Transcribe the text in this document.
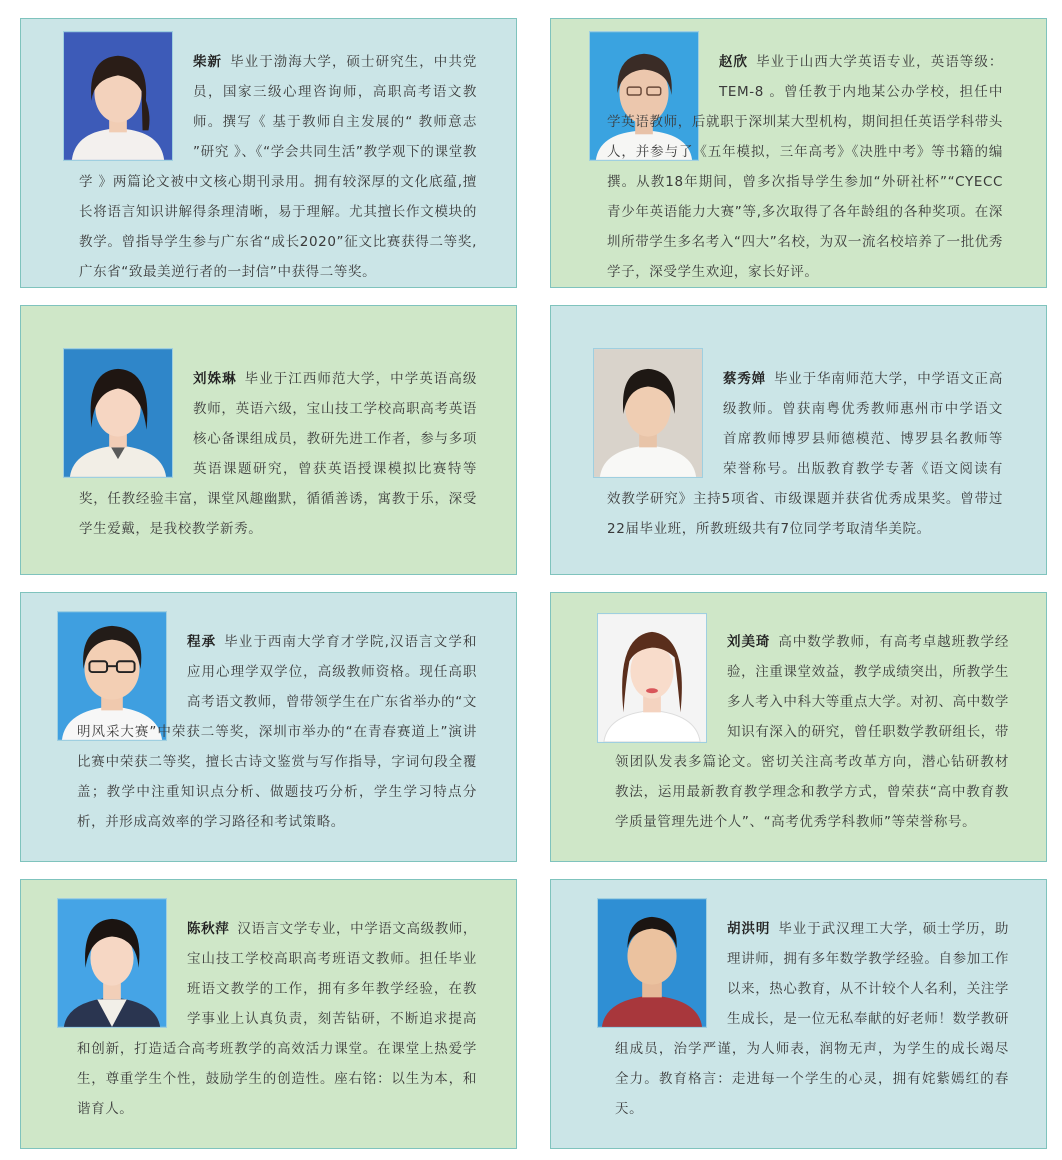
柴新 毕业于渤海大学，硕士研究生，中共党员，国家三级心理咨询师，高职高考语文教师。撰写《 基于教师自主发展的“ 教师意志 ”研究 》、《“学会共同生活”教学观下的课堂教学 》两篇论文被中文核心期刊录用。拥有较深厚的文化底蕴,擅长将语言知识讲解得条理清晰，易于理解。尤其擅长作文模块的教学。曾指导学生参与广东省“成长2020”征文比赛获得二等奖,广东省“致最美逆行者的一封信”中获得二等奖。

赵欣 毕业于山西大学英语专业，英语等级：TEM-8 。曾任教于内地某公办学校，担任中学英语教师，后就职于深圳某大型机构，期间担任英语学科带头人，并参与了《五年模拟，三年高考》《决胜中考》等书籍的编撰。从教18年期间，曾多次指导学生参加“外研社杯”“CYECC青少年英语能力大赛”等,多次取得了各年龄组的各种奖项。在深圳所带学生多名考入“四大”名校，为双一流名校培养了一批优秀学子，深受学生欢迎，家长好评。

刘姝琳 毕业于江西师范大学，中学英语高级教师，英语六级，宝山技工学校高职高考英语核心备课组成员，教研先进工作者，参与多项英语课题研究，曾获英语授课模拟比赛特等奖，任教经验丰富，课堂风趣幽默，循循善诱，寓教于乐，深受学生爱戴，是我校教学新秀。

蔡秀婵 毕业于华南师范大学，中学语文正高级教师。曾获南粤优秀教师惠州市中学语文首席教师博罗县师德模范、博罗县名教师等荣誉称号。出版教育教学专著《语文阅读有效教学研究》主持5项省、市级课题并获省优秀成果奖。曾带过22届毕业班，所教班级共有7位同学考取清华美院。

程承 毕业于西南大学育才学院,汉语言文学和应用心理学双学位，高级教师资格。现任高职高考语文教师，曾带领学生在广东省举办的“文明风采大赛”中荣获二等奖，深圳市举办的“在青春赛道上”演讲比赛中荣获二等奖，擅长古诗文鉴赏与写作指导，字词句段全覆盖；教学中注重知识点分析、做题技巧分析，学生学习特点分析，并形成高效率的学习路径和考试策略。

刘美琦 高中数学教师，有高考卓越班教学经验，注重课堂效益，教学成绩突出，所教学生多人考入中科大等重点大学。对初、高中数学知识有深入的研究，曾任职数学教研组长，带领团队发表多篇论文。密切关注高考改革方向，潜心钻研教材教法，运用最新教育教学理念和教学方式，曾荣获“高中教育教学质量管理先进个人”、“高考优秀学科教师”等荣誉称号。

陈秋萍 汉语言文学专业，中学语文高级教师，宝山技工学校高职高考班语文教师。担任毕业班语文教学的工作，拥有多年教学经验，在教学事业上认真负责，刻苦钻研，不断追求提高和创新，打造适合高考班教学的高效活力课堂。在课堂上热爱学生，尊重学生个性，鼓励学生的创造性。座右铭：以生为本，和谐育人。

胡洪明 毕业于武汉理工大学，硕士学历，助理讲师，拥有多年数学教学经验。自参加工作以来，热心教育，从不计较个人名利，关注学生成长，是一位无私奉献的好老师！数学教研组成员，治学严谨，为人师表，润物无声，为学生的成长竭尽全力。教育格言：走进每一个学生的心灵，拥有姹紫嫣红的春天。
